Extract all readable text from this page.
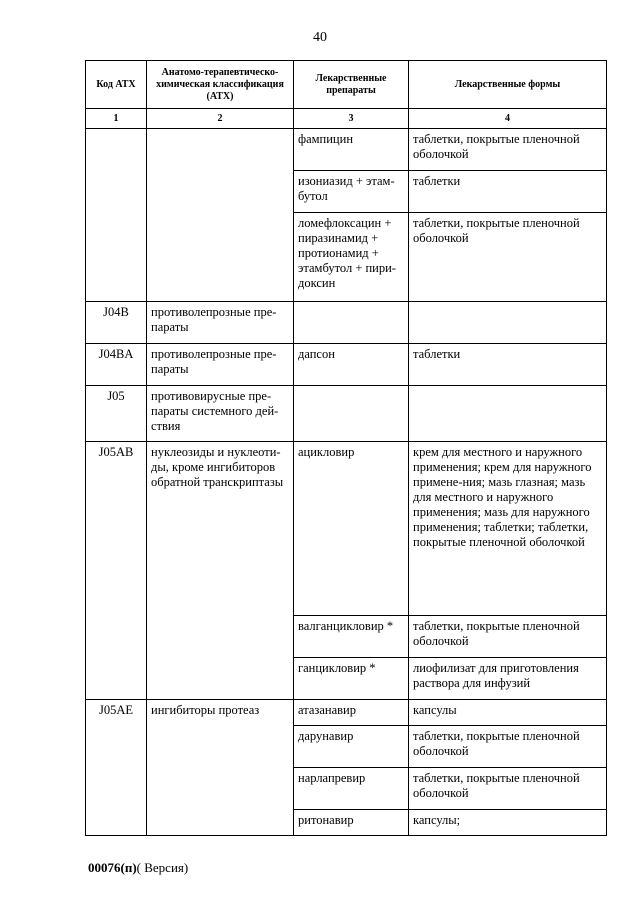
40
Код АТХ	Анатомо-терапевтическо-химическая классификация (АТХ)	Лекарственные препараты	Лекарственные формы
1	2	3	4
		фампицин	таблетки, покрытые пленочной оболочкой
		изониазид + этам-бутол	таблетки
		ломефлоксацин + пиразинамид + протионамид + этамбутол + пири-доксин	таблетки, покрытые пленочной оболочкой
J04B	противолепрозные пре-параты		
J04BA	противолепрозные пре-параты	дапсон	таблетки
J05	противовирусные пре-параты системного дей-ствия		
J05AB	нуклеозиды и нуклеоти-ды, кроме ингибиторов обратной транскриптазы	ацикловир	крем для местного и наружного применения; крем для наружного примене-ния; мазь глазная; мазь для местного и наружного применения; мазь для наружного применения; таблетки; таблетки, покрытые пленочной оболочкой
		валганцикловир *	таблетки, покрытые пленочной оболочкой
		ганцикловир *	лиофилизат для приготовления раствора для инфузий
J05AE	ингибиторы протеаз	атазанавир	капсулы
		дарунавир	таблетки, покрытые пленочной оболочкой
		нарлапревир	таблетки, покрытые пленочной оболочкой
		ритонавир	капсулы;
00076(п)( Версия)
